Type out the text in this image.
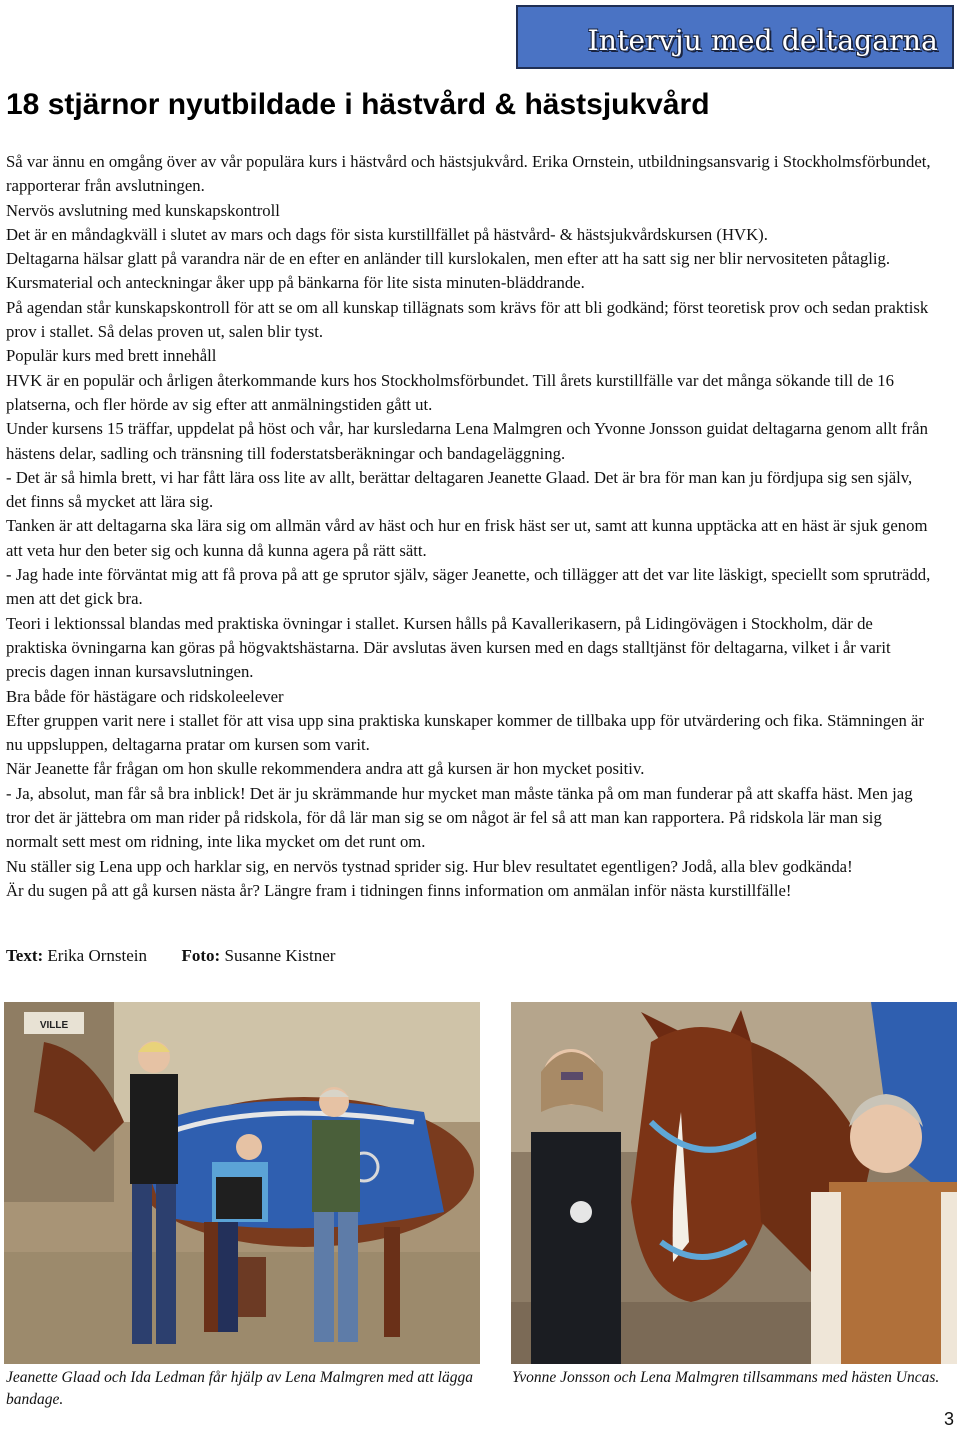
Intervju med deltagarna
18 stjärnor nyutbildade i hästvård & hästsjukvård

Så var ännu en omgång över av vår populära kurs i hästvård och hästsjukvård. Erika Ornstein, utbildningsansvarig i Stockholmsförbundet, rapporterar från avslutningen.

Nervös avslutning med kunskapskontroll

Det är en måndagkväll i slutet av mars och dags för sista kurstillfället på hästvård- & hästsjukvårdskursen (HVK).

Deltagarna hälsar glatt på varandra när de en efter en anländer till kurslokalen, men efter att ha satt sig ner blir nervositeten påtaglig. Kursmaterial och anteckningar åker upp på bänkarna för lite sista minuten-bläddrande.

På agendan står kunskapskontroll för att se om all kunskap tillägnats som krävs för att bli godkänd; först teoretisk prov och sedan praktisk prov i stallet. Så delas proven ut, salen blir tyst.

Populär kurs med brett innehåll

HVK är en populär och årligen återkommande kurs hos Stockholmsförbundet. Till årets kurstillfälle var det många sökande till de 16 platserna, och fler hörde av sig efter att anmälningstiden gått ut.

Under kursens 15 träffar, uppdelat på höst och vår, har kursledarna Lena Malmgren och Yvonne Jonsson guidat deltagarna genom allt från hästens delar, sadling och tränsning till foderstatsberäkningar och bandageläggning.

- Det är så himla brett, vi har fått lära oss lite av allt, berättar deltagaren Jeanette Glaad. Det är bra för man kan ju fördjupa sig sen själv, det finns så mycket att lära sig.

Tanken är att deltagarna ska lära sig om allmän vård av häst och hur en frisk häst ser ut, samt att kunna upptäcka att en häst är sjuk genom att veta hur den beter sig och kunna då kunna agera på rätt sätt.

- Jag hade inte förväntat mig att få prova på att ge sprutor själv, säger Jeanette, och tillägger att det var lite läskigt, speciellt som spruträdd, men att det gick bra.

Teori i lektionssal blandas med praktiska övningar i stallet. Kursen hålls på Kavallerikasern, på Lidingövägen i Stockholm, där de praktiska övningarna kan göras på högvaktshästarna. Där avslutas även kursen med en dags stalltjänst för deltagarna, vilket i år varit precis dagen innan kursavslutningen.

Bra både för hästägare och ridskoleelever

Efter gruppen varit nere i stallet för att visa upp sina praktiska kunskaper kommer de tillbaka upp för utvärdering och fika. Stämningen är nu uppsluppen, deltagarna pratar om kursen som varit.

När Jeanette får frågan om hon skulle rekommendera andra att gå kursen är hon mycket positiv.

- Ja, absolut, man får så bra inblick! Det är ju skrämmande hur mycket man måste tänka på om man funderar på att skaffa häst. Men jag tror det är jättebra om man rider på ridskola, för då lär man sig se om något är fel så att man kan rapportera. På ridskola lär man sig normalt sett mest om ridning, inte lika mycket om det runt om.

Nu ställer sig Lena upp och harklar sig, en nervös tystnad sprider sig. Hur blev resultatet egentligen? Jodå, alla blev godkända!

Är du sugen på att gå kursen nästa år? Längre fram i tidningen finns information om anmälan inför nästa kurstillfälle!

Text: Erika Ornstein Foto: Susanne Kistner
VILLE
Jeanette Glaad och Ida Ledman får hjälp av Lena Malmgren med att lägga bandage.
Yvonne Jonsson och Lena Malmgren tillsammans med hästen Uncas.
3
